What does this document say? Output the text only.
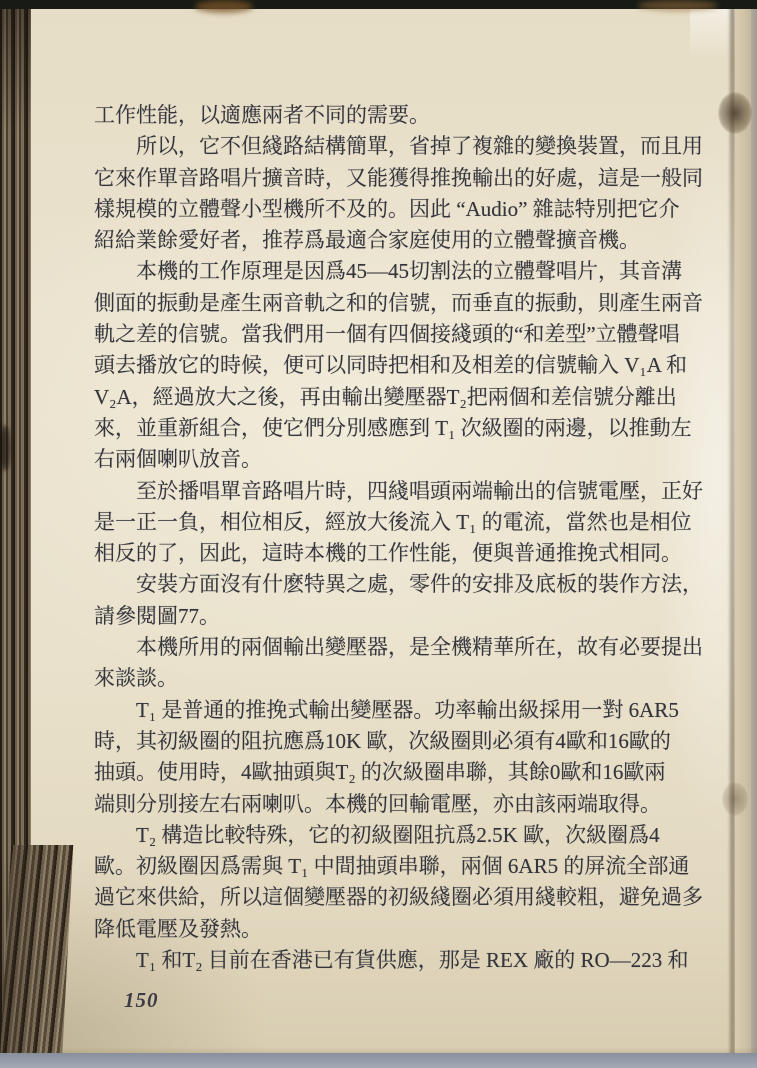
工作性能，以適應兩者不同的需要。
所以，它不但綫路結構簡單，省掉了複雜的變換裝置，而且用
它來作單音路唱片擴音時，又能獲得推挽輸出的好處，這是一般同
樣規模的立體聲小型機所不及的。因此 “Audio” 雜誌特別把它介
紹給業餘愛好者，推荐爲最適合家庭使用的立體聲擴音機。
本機的工作原理是因爲45—45切割法的立體聲唱片，其音溝
側面的振動是產生兩音軌之和的信號，而垂直的振動，則產生兩音
軌之差的信號。當我們用一個有四個接綫頭的“和差型”立體聲唱
頭去播放它的時候，便可以同時把相和及相差的信號輸入 V₁A 和
V₂A，經過放大之後，再由輸出變壓器T₂把兩個和差信號分離出
來，並重新組合，使它們分別感應到 T₁ 次級圈的兩邊，以推動左
右兩個喇叭放音。
至於播唱單音路唱片時，四綫唱頭兩端輸出的信號電壓，正好
是一正一負，相位相反，經放大後流入 T₁ 的電流，當然也是相位
相反的了，因此，這時本機的工作性能，便與普通推挽式相同。
安裝方面沒有什麽特異之處，零件的安排及底板的裝作方法，
請參閱圖77。
本機所用的兩個輸出變壓器，是全機精華所在，故有必要提出
來談談。
T₁ 是普通的推挽式輸出變壓器。功率輸出級採用一對 6AR5
時，其初級圈的阻抗應爲10K 歐，次級圈則必須有4歐和16歐的
抽頭。使用時，4歐抽頭與T₂ 的次級圈串聯，其餘0歐和16歐兩
端則分別接左右兩喇叭。本機的回輸電壓，亦由該兩端取得。
T₂ 構造比較特殊，它的初級圈阻抗爲2.5K 歐，次級圈爲4
歐。初級圈因爲需與 T₁ 中間抽頭串聯，兩個 6AR5 的屏流全部通
過它來供給，所以這個變壓器的初級綫圈必須用綫較粗，避免過多
降低電壓及發熱。
T₁ 和T₂ 目前在香港已有貨供應，那是 REX 廠的 RO—223 和
150
